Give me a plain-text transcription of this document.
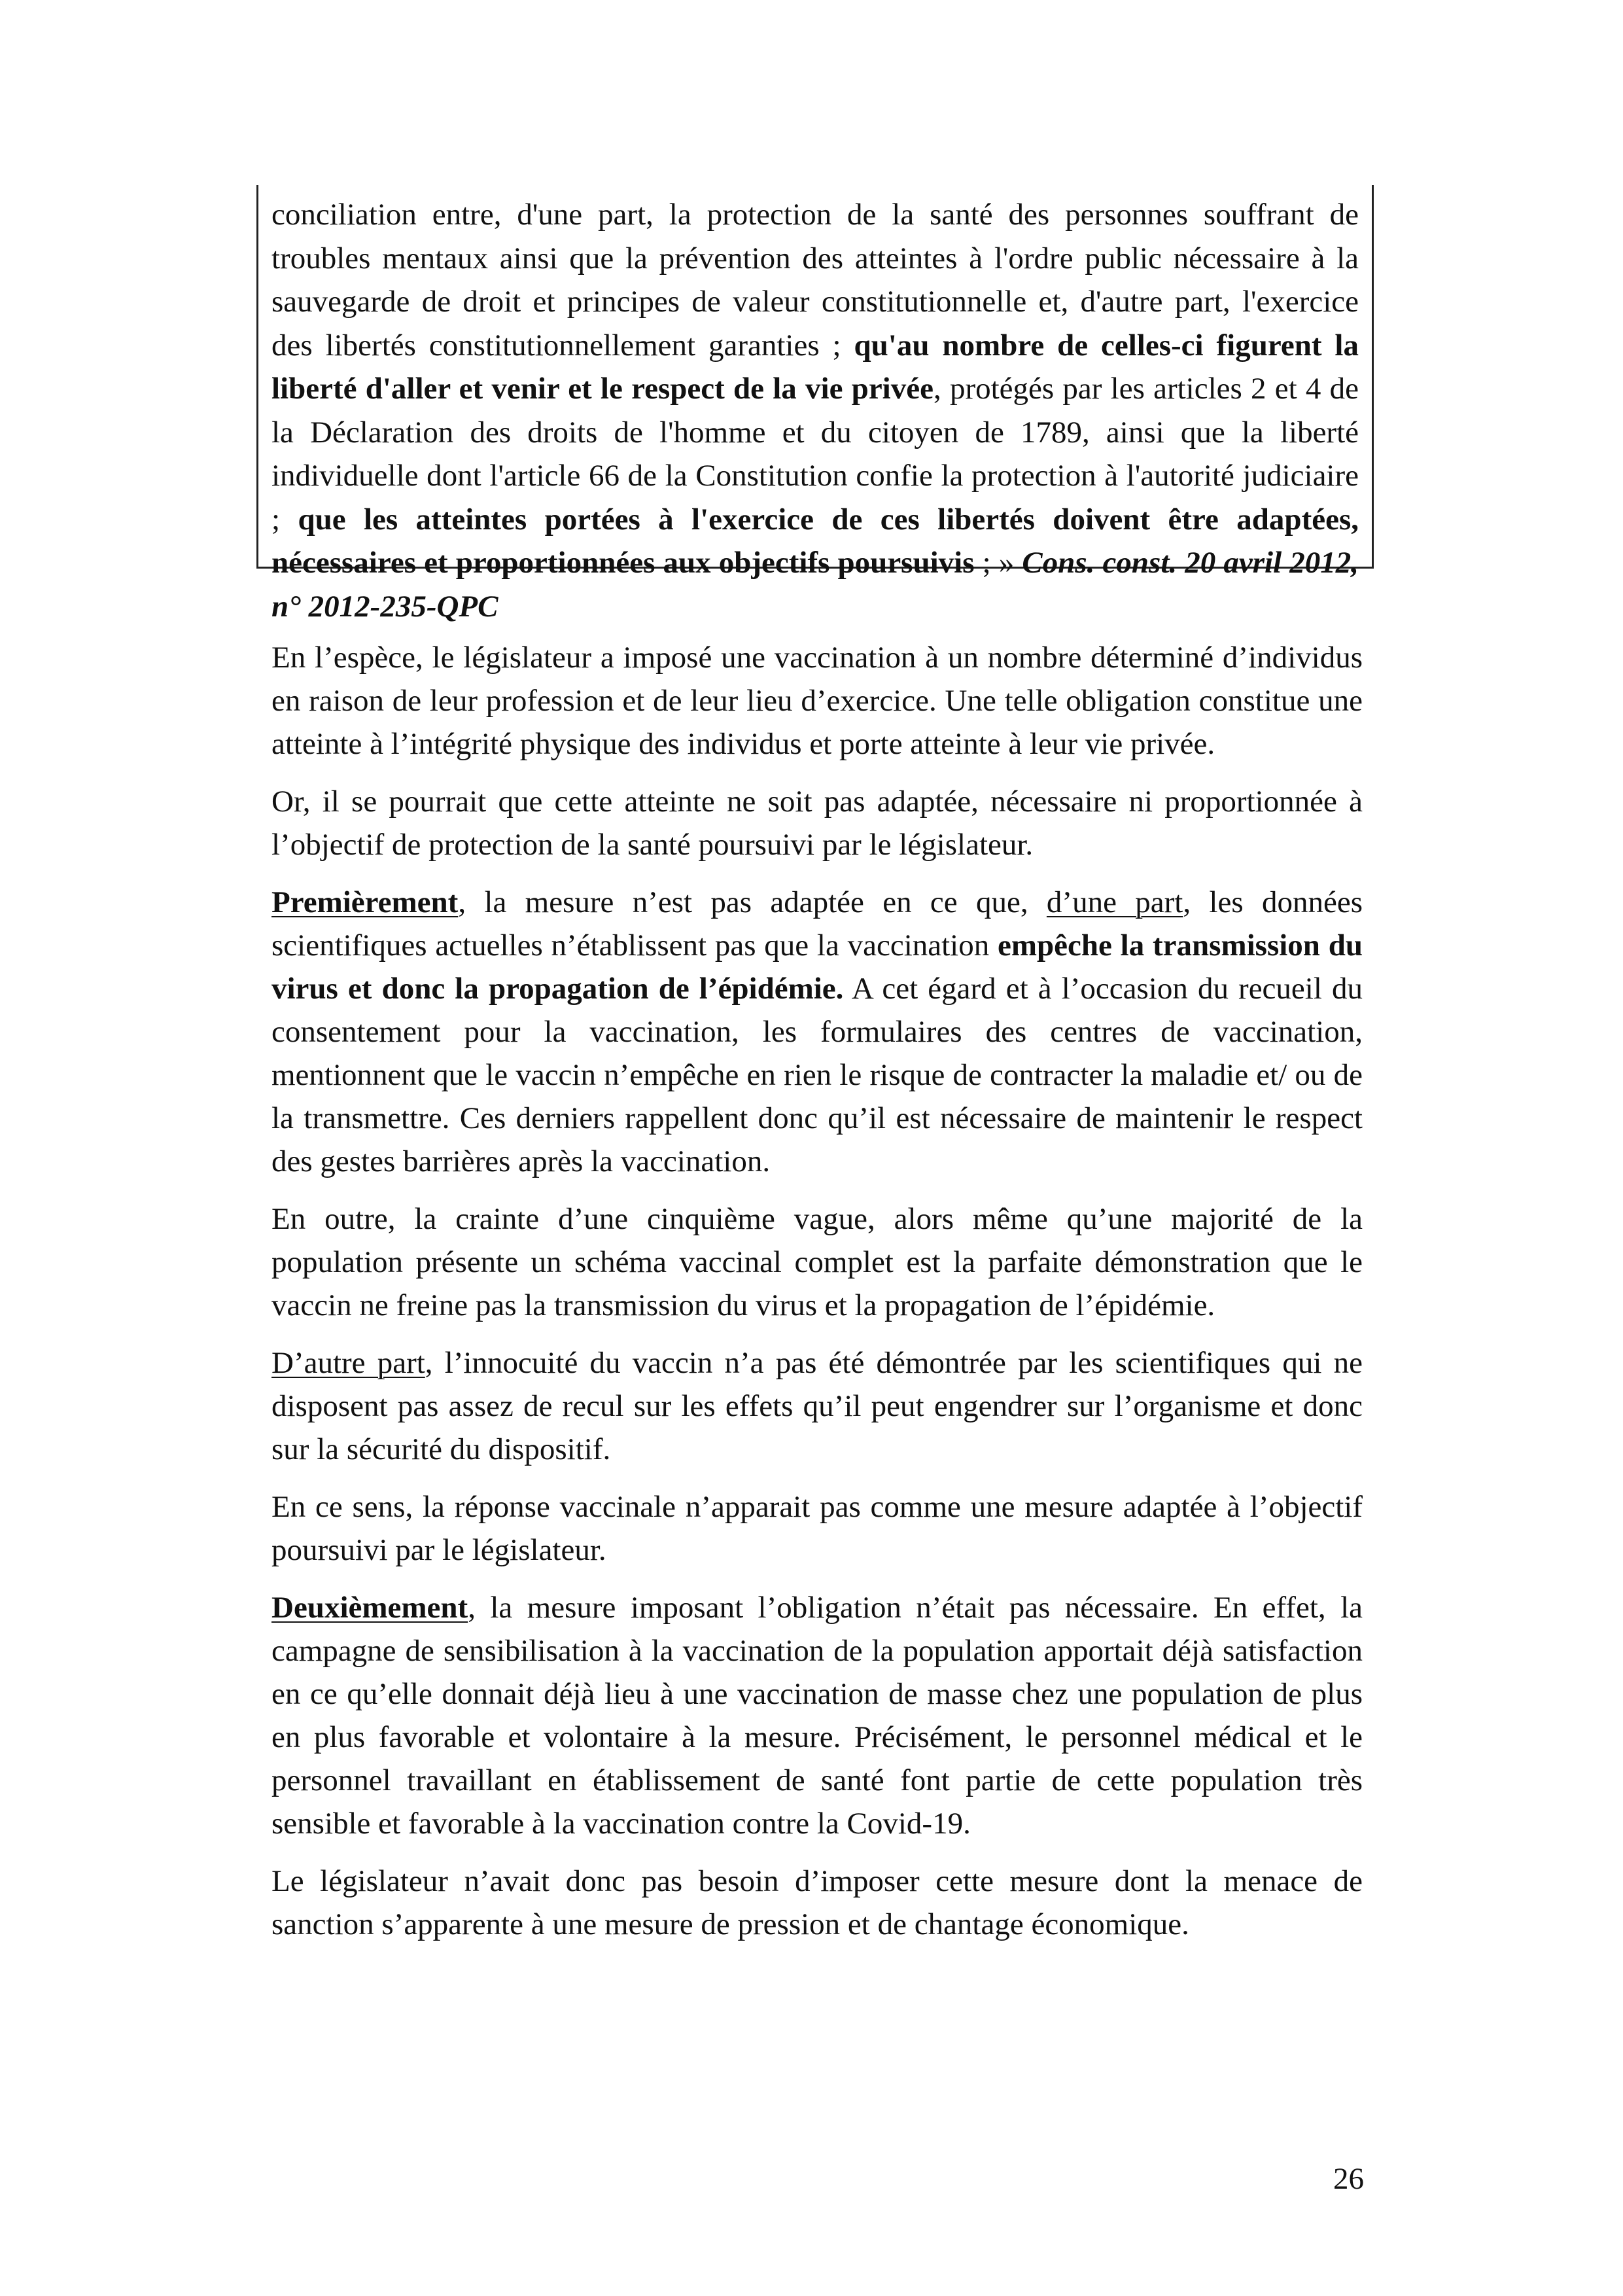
conciliation entre, d'une part, la protection de la santé des personnes souffrant de troubles mentaux ainsi que la prévention des atteintes à l'ordre public nécessaire à la sauvegarde de droit et principes de valeur constitutionnelle et, d'autre part, l'exercice des libertés constitutionnellement garanties ; qu'au nombre de celles-ci figurent la liberté d'aller et venir et le respect de la vie privée, protégés par les articles 2 et 4 de la Déclaration des droits de l'homme et du citoyen de 1789, ainsi que la liberté individuelle dont l'article 66 de la Constitution confie la protection à l'autorité judiciaire ; que les atteintes portées à l'exercice de ces libertés doivent être adaptées, nécessaires et proportionnées aux objectifs poursuivis ; » Cons. const. 20 avril 2012, n° 2012-235-QPC

En l’espèce, le législateur a imposé une vaccination à un nombre déterminé d’individus en raison de leur profession et de leur lieu d’exercice. Une telle obligation constitue une atteinte à l’intégrité physique des individus et porte atteinte à leur vie privée.

Or, il se pourrait que cette atteinte ne soit pas adaptée, nécessaire ni proportionnée à l’objectif de protection de la santé poursuivi par le législateur.

Premièrement, la mesure n’est pas adaptée en ce que, d’une part, les données scientifiques actuelles n’établissent pas que la vaccination empêche la transmission du virus et donc la propagation de l’épidémie. A cet égard et à l’occasion du recueil du consentement pour la vaccination, les formulaires des centres de vaccination, mentionnent que le vaccin n’empêche en rien le risque de contracter la maladie et/ ou de la transmettre. Ces derniers rappellent donc qu’il est nécessaire de maintenir le respect des gestes barrières après la vaccination.

En outre, la crainte d’une cinquième vague, alors même qu’une majorité de la population présente un schéma vaccinal complet est la parfaite démonstration que le vaccin ne freine pas la transmission du virus et la propagation de l’épidémie.

D’autre part, l’innocuité du vaccin n’a pas été démontrée par les scientifiques qui ne disposent pas assez de recul sur les effets qu’il peut engendrer sur l’organisme et donc sur la sécurité du dispositif.

En ce sens, la réponse vaccinale n’apparait pas comme une mesure adaptée à l’objectif poursuivi par le législateur.

Deuxièmement, la mesure imposant l’obligation n’était pas nécessaire. En effet, la campagne de sensibilisation à la vaccination de la population apportait déjà satisfaction en ce qu’elle donnait déjà lieu à une vaccination de masse chez une population de plus en plus favorable et volontaire à la mesure. Précisément, le personnel médical et le personnel travaillant en établissement de santé font partie de cette population très sensible et favorable à la vaccination contre la Covid-19.

Le législateur n’avait donc pas besoin d’imposer cette mesure dont la menace de sanction s’apparente à une mesure de pression et de chantage économique.

26
